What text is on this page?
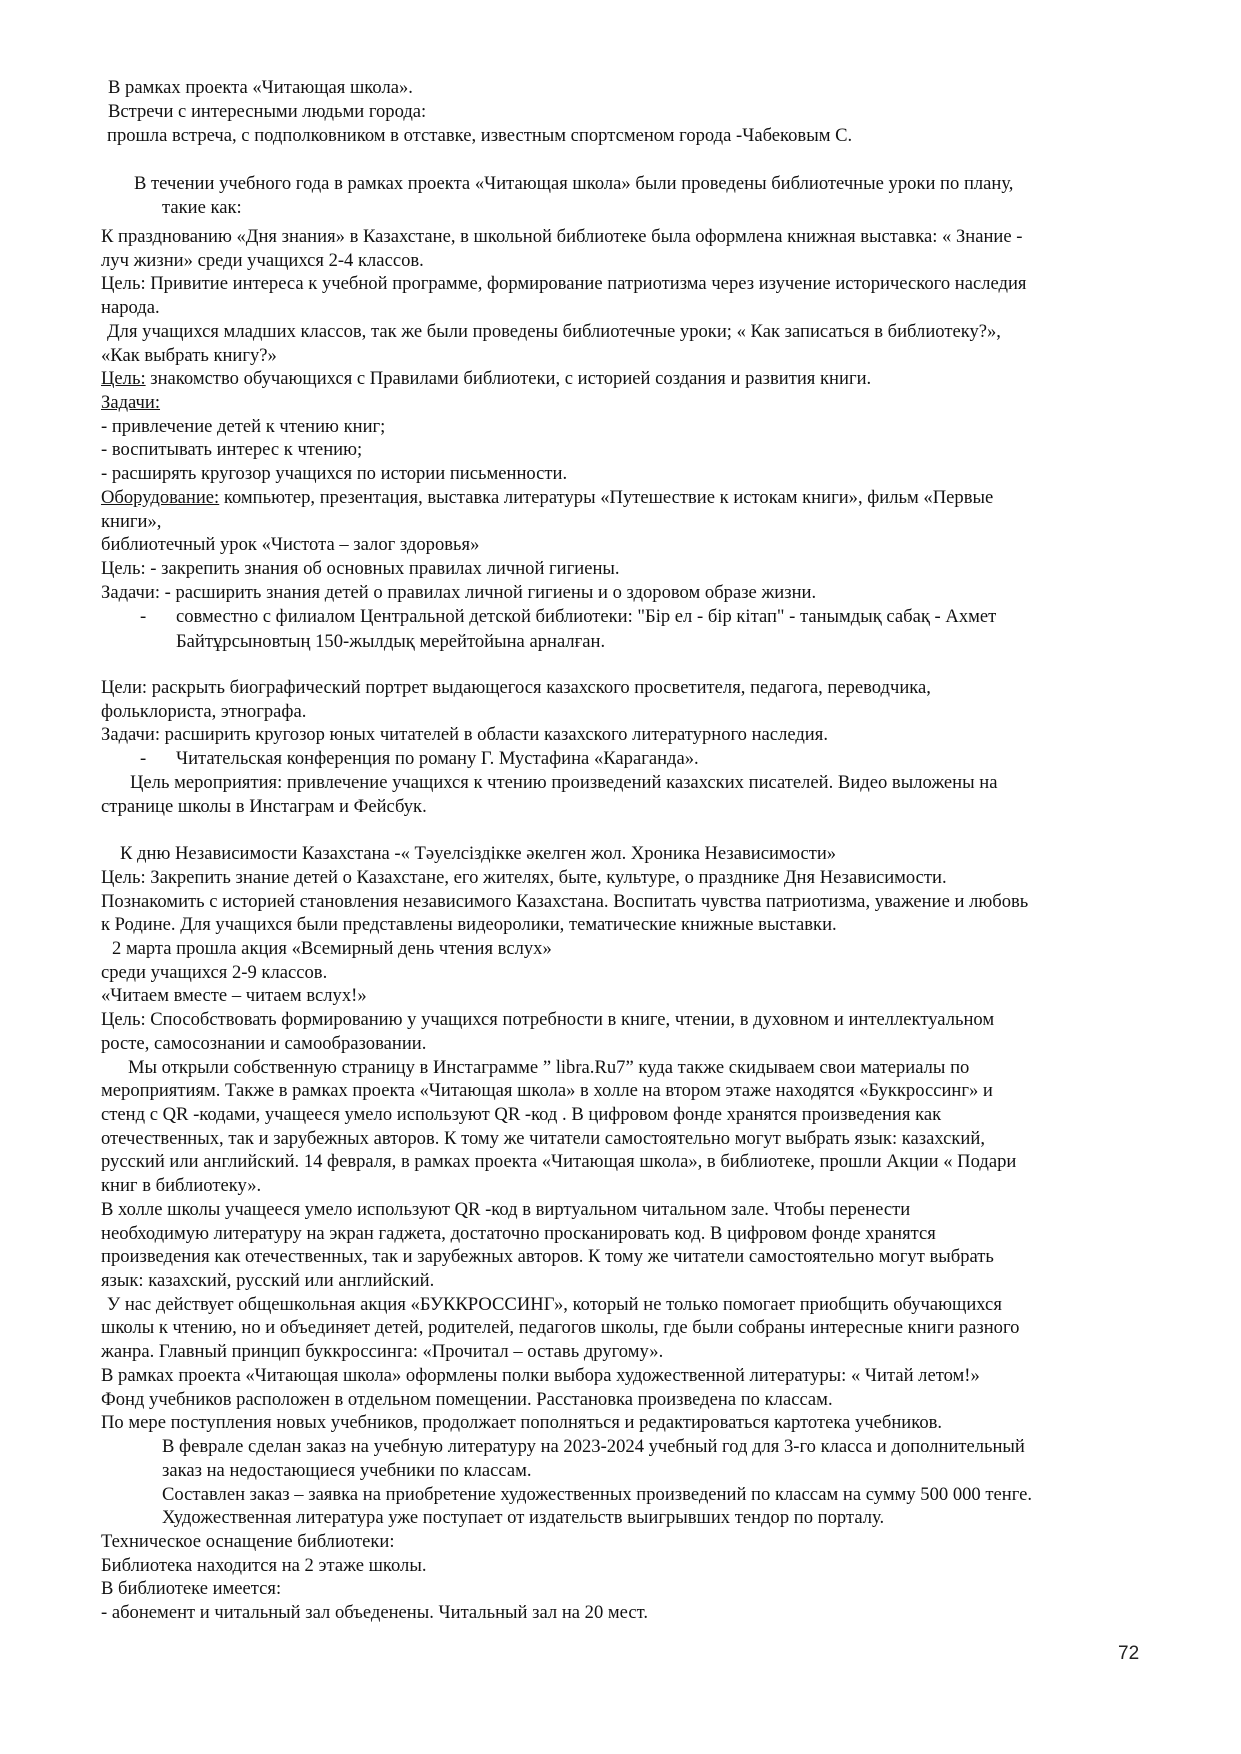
В рамках проекта «Читающая школа».
Встречи с интересными людьми города:
прошла встреча, с подполковником в отставке, известным спортсменом города -Чабековым С.
В течении учебного года в рамках проекта «Читающая школа» были проведены библиотечные уроки по плану,
такие как:
К празднованию «Дня знания» в Казахстане, в школьной библиотеке была оформлена книжная выставка: « Знание -
луч жизни» среди учащихся 2-4 классов.
Цель: Привитие интереса к учебной программе, формирование патриотизма через изучение исторического наследия
народа.
Для учащихся младших классов, так же были проведены библиотечные уроки; « Как записаться в библиотеку?»,
«Как выбрать книгу?»
Цель: знакомство обучающихся с Правилами библиотеки, с историей создания и развития книги.
Задачи:
- привлечение детей к чтению книг;
- воспитывать интерес к чтению;
- расширять кругозор учащихся по истории письменности.
Оборудование: компьютер, презентация, выставка литературы «Путешествие к истокам книги», фильм «Первые
книги»,
библиотечный урок «Чистота – залог здоровья»
Цель: - закрепить знания об основных правилах личной гигиены.
Задачи: - расширить знания детей о правилах личной гигиены и о здоровом образе жизни.
- совместно с филиалом Центральной детской библиотеки: "Бір ел - бір кітап" - танымдық сабақ - Ахмет
Байтұрсыновтың 150-жылдық мерейтойына арналған.
Цели: раскрыть биографический портрет выдающегося казахского просветителя, педагога, переводчика,
фольклориста, этнографа.
Задачи: расширить кругозор юных читателей в области казахского литературного наследия.
- Читательская конференция по роману Г. Мустафина «Караганда».
Цель мероприятия: привлечение учащихся к чтению произведений казахских писателей. Видео выложены на
странице школы в Инстаграм и Фейсбук.
К дню Независимости Казахстана -« Тәуелсіздікке әкелген жол. Хроника Независимости»
Цель: Закрепить знание детей о Казахстане, его жителях, быте, культуре, о празднике Дня Независимости.
Познакомить с историей становления независимого Казахстана. Воспитать чувства патриотизма, уважение и любовь
к Родине. Для учащихся были представлены видеоролики, тематические книжные выставки.
2 марта прошла акция «Всемирный день чтения вслух»
среди учащихся 2-9 классов.
«Читаем вместе – читаем вслух!»
Цель: Способствовать формированию у учащихся потребности в книге, чтении, в духовном и интеллектуальном
росте, самосознании и самообразовании.
Мы открыли собственную страницу в Инстаграмме ” libra.Ru7” куда также скидываем свои материалы по
мероприятиям. Также в рамках проекта «Читающая школа» в холле на втором этаже находятся «Буккроссинг» и
стенд с QR -кодами, учащееся умело используют QR -код . В цифровом фонде хранятся произведения как
отечественных, так и зарубежных авторов. К тому же читатели самостоятельно могут выбрать язык: казахский,
русский или английский. 14 февраля, в рамках проекта «Читающая школа», в библиотеке, прошли Акции « Подари
книг в библиотеку».
В холле школы учащееся умело используют QR -код в виртуальном читальном зале. Чтобы перенести
необходимую литературу на экран гаджета, достаточно просканировать код. В цифровом фонде хранятся
произведения как отечественных, так и зарубежных авторов. К тому же читатели самостоятельно могут выбрать
язык: казахский, русский или английский.
У нас действует общешкольная акция «БУККРОССИНГ», который не только помогает приобщить обучающихся
школы к чтению, но и объединяет детей, родителей, педагогов школы, где были собраны интересные книги разного
жанра. Главный принцип буккроссинга: «Прочитал – оставь другому».
В рамках проекта «Читающая школа» оформлены полки выбора художественной литературы: « Читай летом!»
Фонд учебников расположен в отдельном помещении. Расстановка произведена по классам.
По мере поступления новых учебников, продолжает пополняться и редактироваться картотека учебников.
В феврале сделан заказ на учебную литературу на 2023-2024 учебный год для 3-го класса и дополнительный
заказ на недостающиеся учебники по классам.
Составлен заказ – заявка на приобретение художественных произведений по классам на сумму 500 000 тенге.
Художественная литература уже поступает от издательств выигрывших тендор по порталу.
Техническое оснащение библиотеки:
Библиотека находится на 2 этаже школы.
В библиотеке имеется:
- абонемент и читальный зал объеденены. Читальный зал на 20 мест.
72
